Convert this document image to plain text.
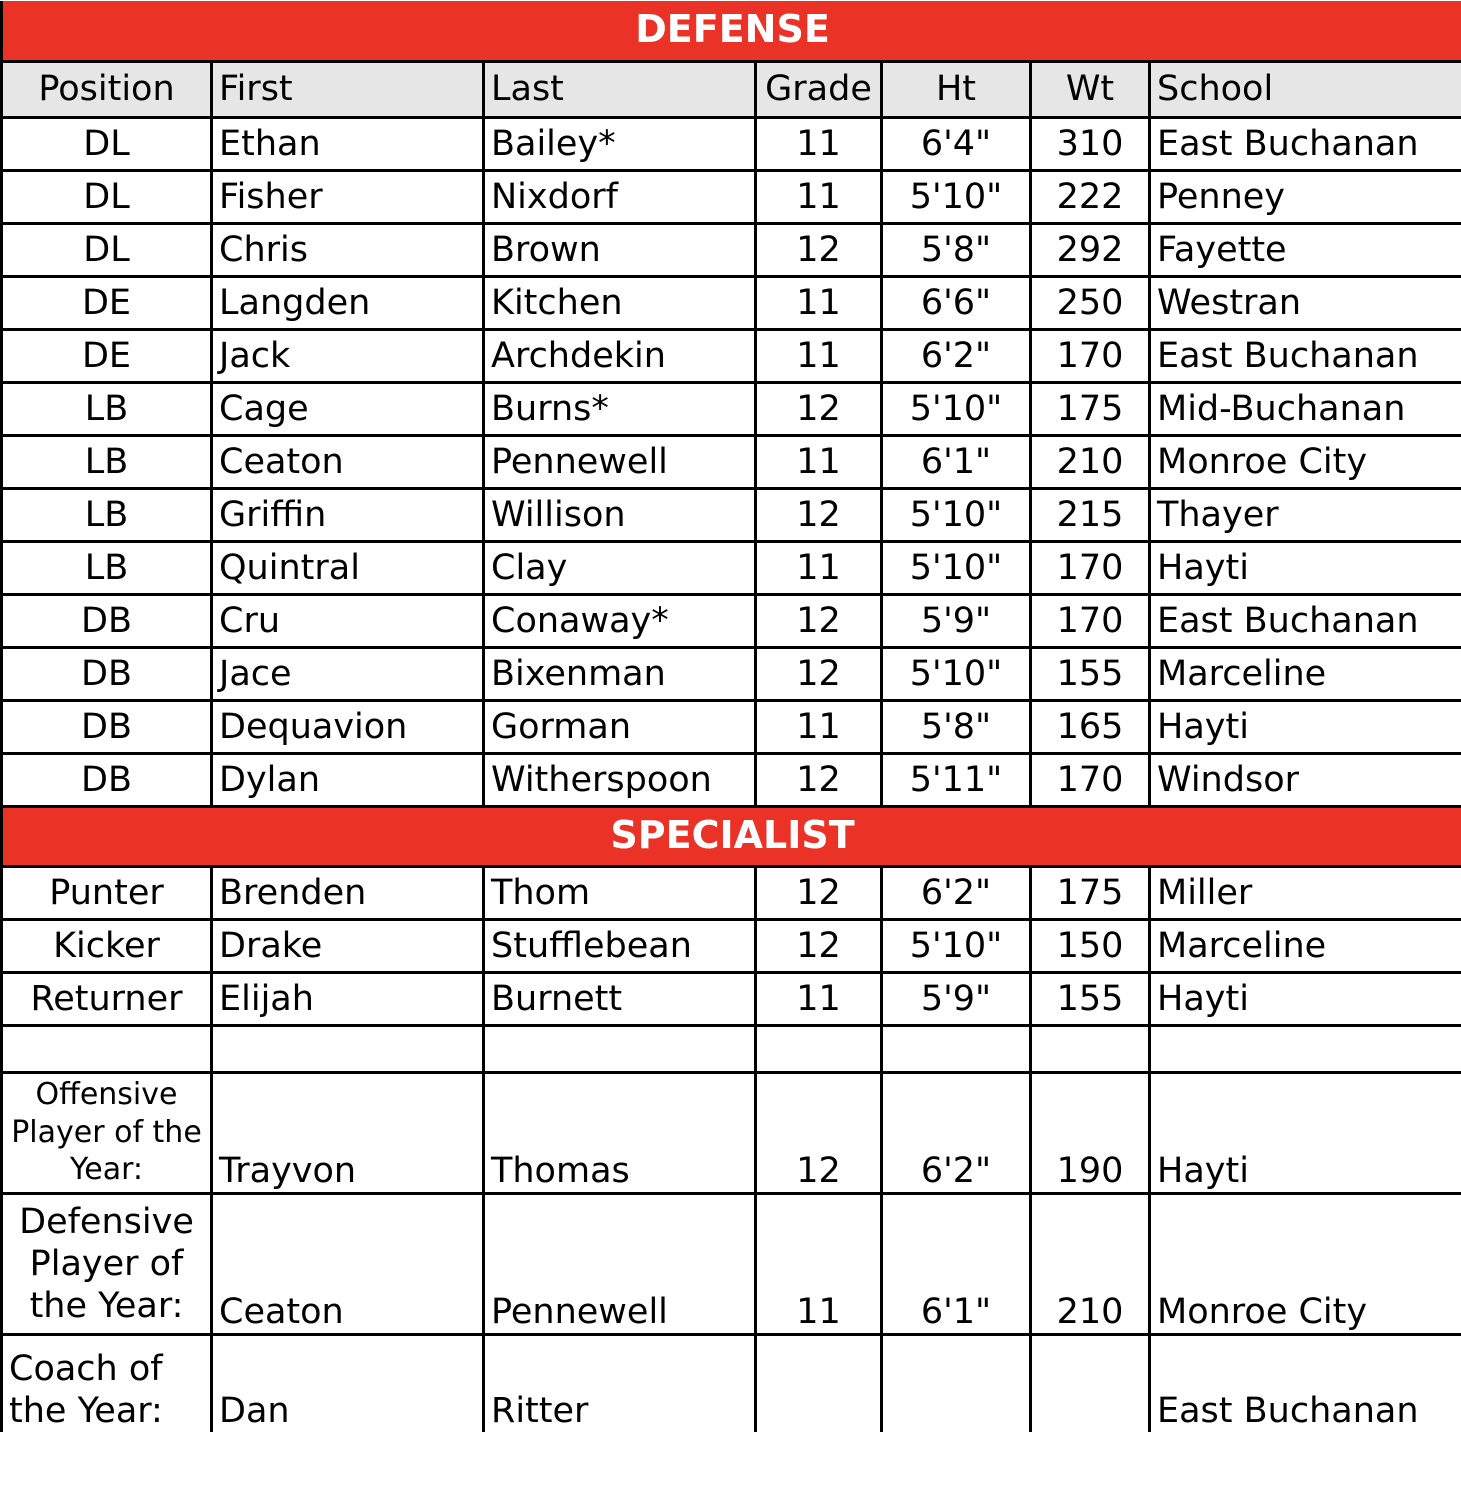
DEFENSE						
Position	First	Last	Grade	Ht	Wt	School
DL	Ethan	Bailey*	11	6'4"	310	East Buchanan
DL	Fisher	Nixdorf	11	5'10"	222	Penney
DL	Chris	Brown	12	5'8"	292	Fayette
DE	Langden	Kitchen	11	6'6"	250	Westran
DE	Jack	Archdekin	11	6'2"	170	East Buchanan
LB	Cage	Burns*	12	5'10"	175	Mid-Buchanan
LB	Ceaton	Pennewell	11	6'1"	210	Monroe City
LB	Griffin	Willison	12	5'10"	215	Thayer
LB	Quintral	Clay	11	5'10"	170	Hayti
DB	Cru	Conaway*	12	5'9"	170	East Buchanan
DB	Jace	Bixenman	12	5'10"	155	Marceline
DB	Dequavion	Gorman	11	5'8"	165	Hayti
DB	Dylan	Witherspoon	12	5'11"	170	Windsor
SPECIALIST						
Punter	Brenden	Thom	12	6'2"	175	Miller
Kicker	Drake	Stufflebean	12	5'10"	150	Marceline
Returner	Elijah	Burnett	11	5'9"	155	Hayti

Offensive Player of the Year:	Trayvon	Thomas	12	6'2"	190	Hayti
Defensive Player of the Year:	Ceaton	Pennewell	11	6'1"	210	Monroe City
Coach of the Year:	Dan	Ritter				East Buchanan
